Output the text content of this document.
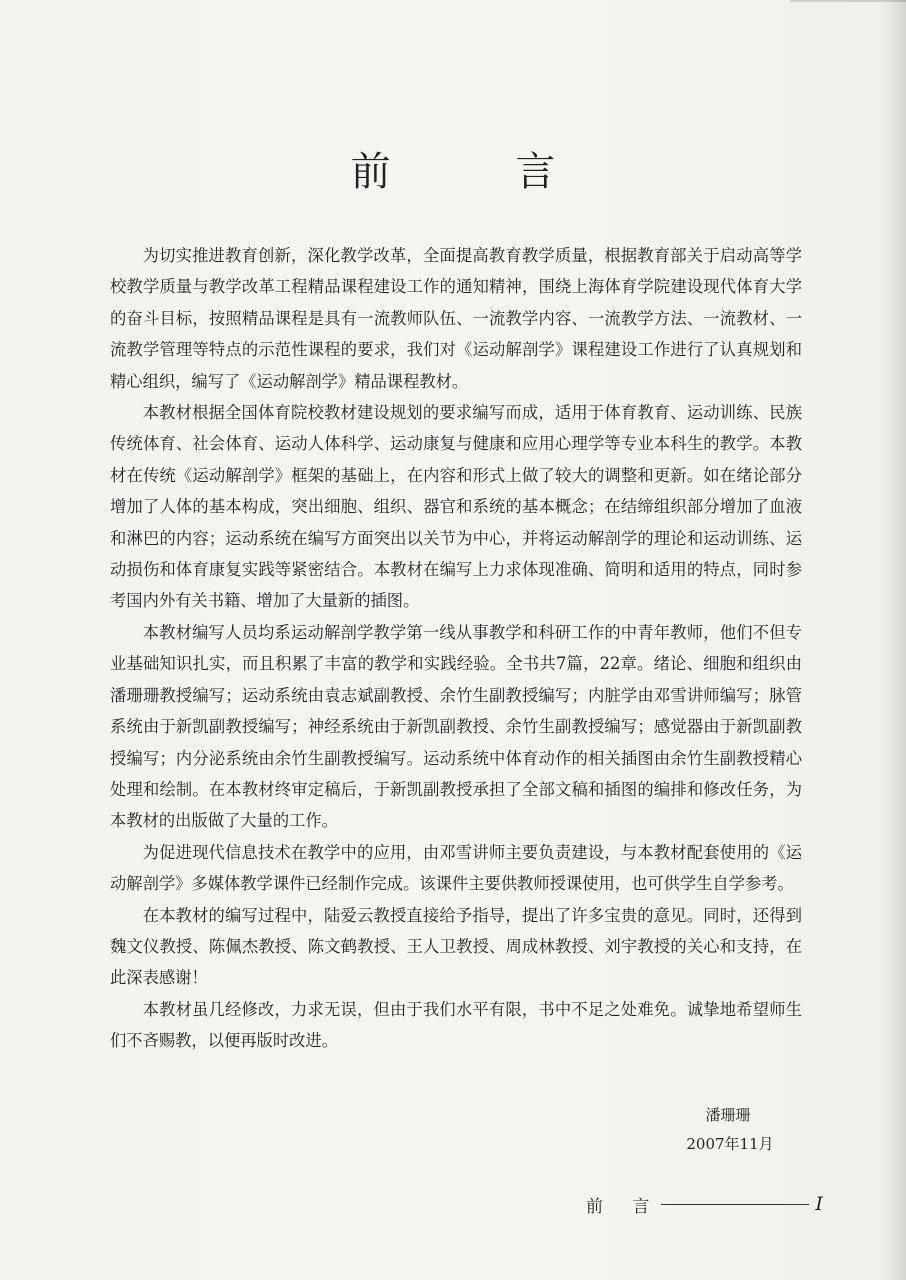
前 言

为切实推进教育创新，深化教学改革，全面提高教育教学质量，根据教育部关于启动高等学校教学质量与教学改革工程精品课程建设工作的通知精神，围绕上海体育学院建设现代体育大学的奋斗目标，按照精品课程是具有一流教师队伍、一流教学内容、一流教学方法、一流教材、一流教学管理等特点的示范性课程的要求，我们对《运动解剖学》课程建设工作进行了认真规划和精心组织，编写了《运动解剖学》精品课程教材。

本教材根据全国体育院校教材建设规划的要求编写而成，适用于体育教育、运动训练、民族传统体育、社会体育、运动人体科学、运动康复与健康和应用心理学等专业本科生的教学。本教材在传统《运动解剖学》框架的基础上，在内容和形式上做了较大的调整和更新。如在绪论部分增加了人体的基本构成，突出细胞、组织、器官和系统的基本概念；在结缔组织部分增加了血液和淋巴的内容；运动系统在编写方面突出以关节为中心，并将运动解剖学的理论和运动训练、运动损伤和体育康复实践等紧密结合。本教材在编写上力求体现准确、简明和适用的特点，同时参考国内外有关书籍、增加了大量新的插图。

本教材编写人员均系运动解剖学教学第一线从事教学和科研工作的中青年教师，他们不但专业基础知识扎实，而且积累了丰富的教学和实践经验。全书共7篇，22章。绪论、细胞和组织由潘珊珊教授编写；运动系统由袁志斌副教授、余竹生副教授编写；内脏学由邓雪讲师编写；脉管系统由于新凯副教授编写；神经系统由于新凯副教授、余竹生副教授编写；感觉器由于新凯副教授编写；内分泌系统由余竹生副教授编写。运动系统中体育动作的相关插图由余竹生副教授精心处理和绘制。在本教材终审定稿后，于新凯副教授承担了全部文稿和插图的编排和修改任务，为本教材的出版做了大量的工作。

为促进现代信息技术在教学中的应用，由邓雪讲师主要负责建设，与本教材配套使用的《运动解剖学》多媒体教学课件已经制作完成。该课件主要供教师授课使用，也可供学生自学参考。

在本教材的编写过程中，陆爱云教授直接给予指导，提出了许多宝贵的意见。同时，还得到魏文仪教授、陈佩杰教授、陈文鹤教授、王人卫教授、周成林教授、刘宇教授的关心和支持，在此深表感谢！

本教材虽几经修改，力求无误，但由于我们水平有限，书中不足之处难免。诚挚地希望师生们不吝赐教，以便再版时改进。

潘珊珊
2007年11月
前 言	I
